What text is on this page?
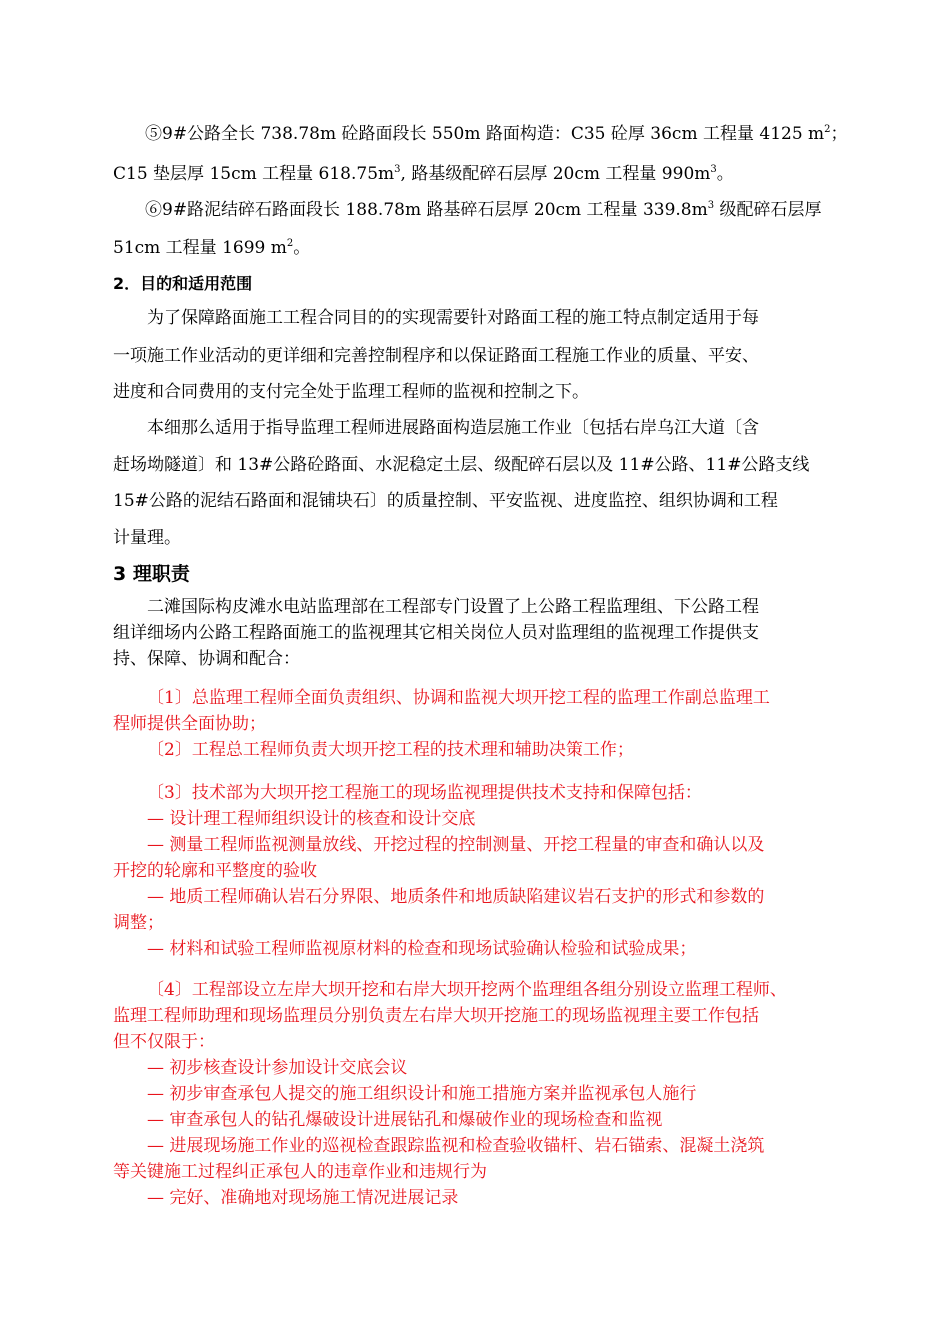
⑤9#公路全长 738.78m 砼路面段长 550m 路面构造：C35 砼厚 36cm 工程量 4125 $m^2$；
C15 垫层厚 15cm 工程量 $618.75m^3$, 路基级配碎石层厚 20cm 工程量 $990m^3$。
⑥9#路泥结碎石路面段长 188.78m 路基碎石层厚 20cm 工程量 $339.8m^3$ 级配碎石层厚
51cm 工程量 1699 $m^2$。
2．目的和适用范围
为了保障路面施工工程合同目的的实现需要针对路面工程的施工特点制定适用于每
一项施工作业活动的更详细和完善控制程序和以保证路面工程施工作业的质量、平安、
进度和合同费用的支付完全处于监理工程师的监视和控制之下。
本细那么适用于指导监理工程师进展路面构造层施工作业〔包括右岸乌江大道〔含
赶场坳隧道〕和 13#公路砼路面、水泥稳定土层、级配碎石层以及 11#公路、11#公路支线
15#公路的泥结石路面和混铺块石〕的质量控制、平安监视、进度监控、组织协调和工程
计量理。
3 理职责
二滩国际构皮滩水电站监理部在工程部专门设置了上公路工程监理组、下公路工程
组详细场内公路工程路面施工的监视理其它相关岗位人员对监理组的监视理工作提供支
持、保障、协调和配合：
〔1〕总监理工程师全面负责组织、协调和监视大坝开挖工程的监理工作副总监理工
程师提供全面协助；
〔2〕工程总工程师负责大坝开挖工程的技术理和辅助决策工作；
〔3〕技术部为大坝开挖工程施工的现场监视理提供技术支持和保障包括：
— 设计理工程师组织设计的核查和设计交底
— 测量工程师监视测量放线、开挖过程的控制测量、开挖工程量的审查和确认以及
开挖的轮廓和平整度的验收
— 地质工程师确认岩石分界限、地质条件和地质缺陷建议岩石支护的形式和参数的
调整；
— 材料和试验工程师监视原材料的检查和现场试验确认检验和试验成果；
〔4〕工程部设立左岸大坝开挖和右岸大坝开挖两个监理组各组分别设立监理工程师、
监理工程师助理和现场监理员分别负责左右岸大坝开挖施工的现场监视理主要工作包括
但不仅限于：
— 初步核查设计参加设计交底会议
— 初步审查承包人提交的施工组织设计和施工措施方案并监视承包人施行
— 审查承包人的钻孔爆破设计进展钻孔和爆破作业的现场检查和监视
— 进展现场施工作业的巡视检查跟踪监视和检查验收锚杆、岩石锚索、混凝土浇筑
等关键施工过程纠正承包人的违章作业和违规行为
— 完好、准确地对现场施工情况进展记录
